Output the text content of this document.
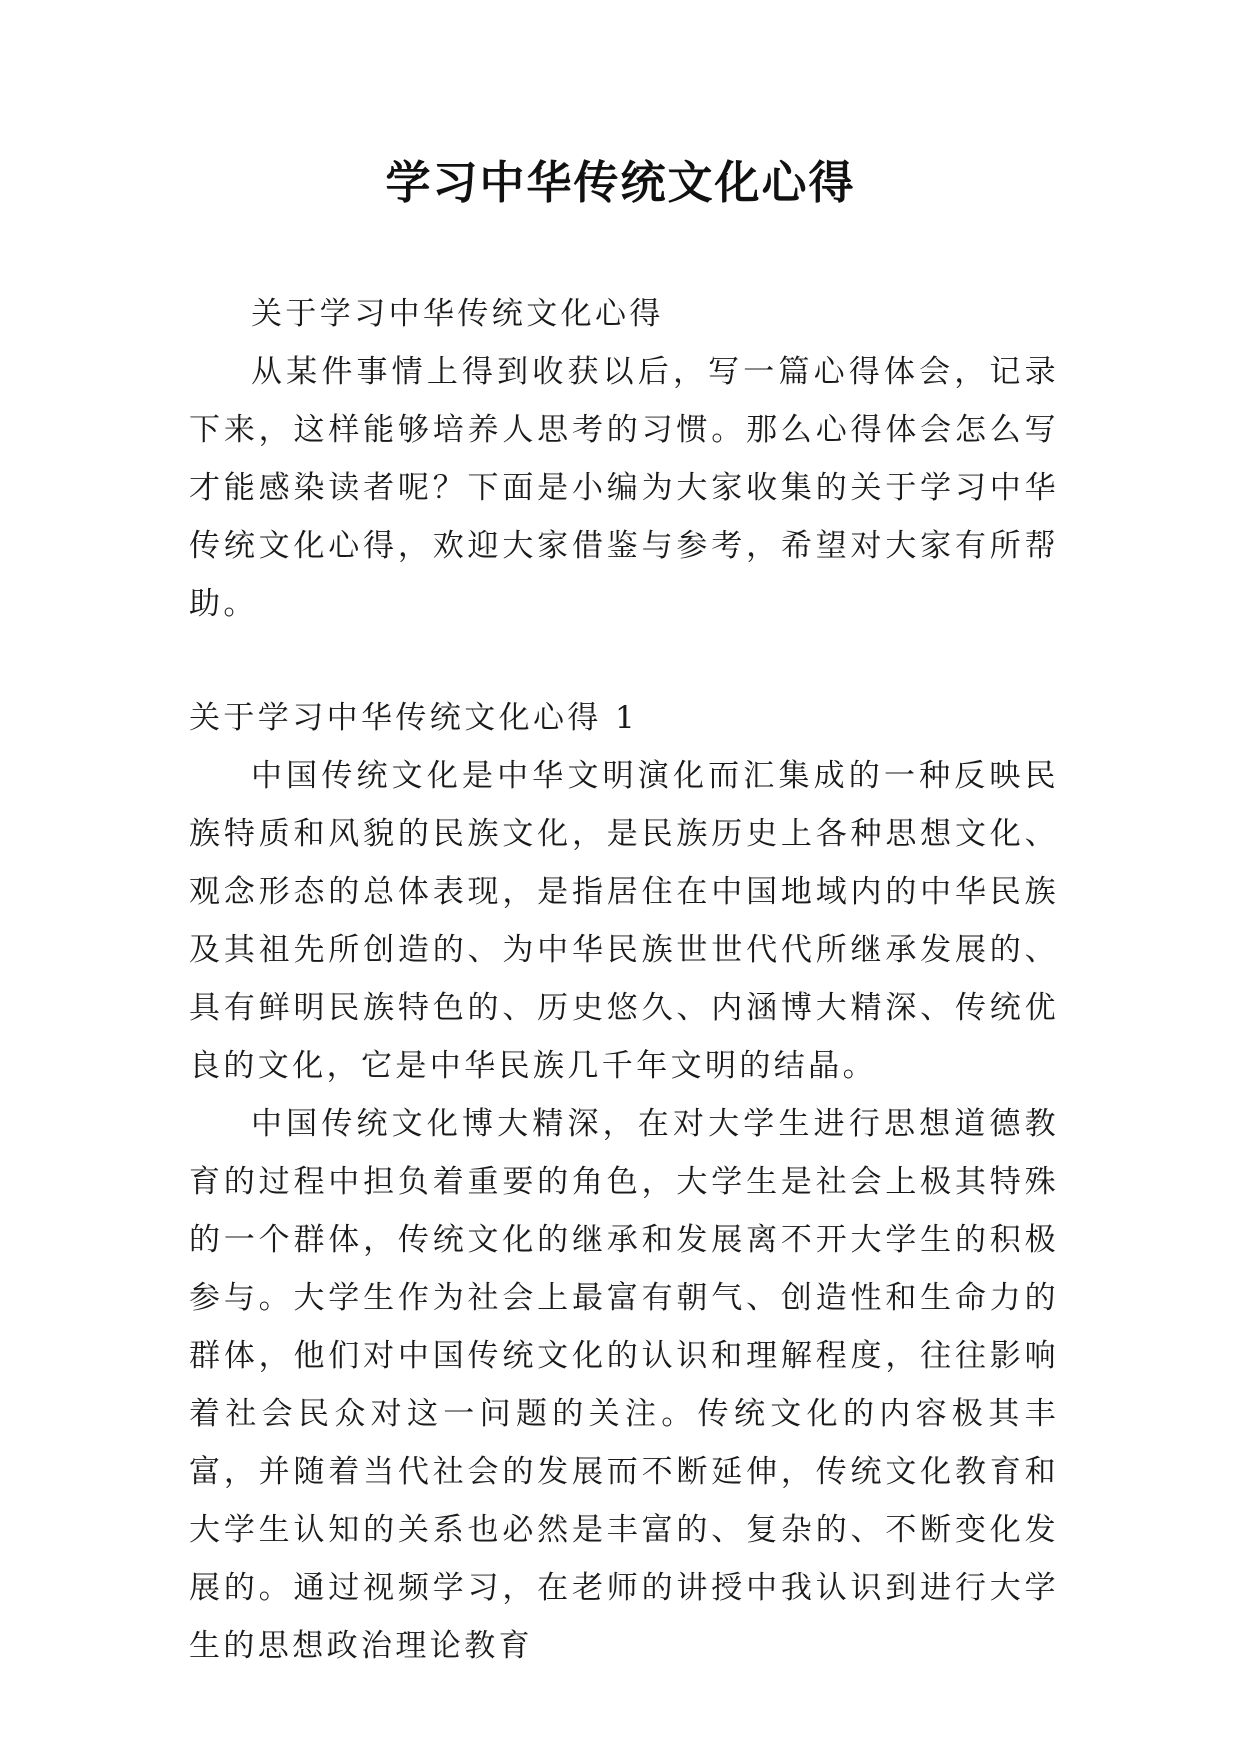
学习中华传统文化心得

关于学习中华传统文化心得

从某件事情上得到收获以后，写一篇心得体会，记录下来，这样能够培养人思考的习惯。那么心得体会怎么写才能感染读者呢？下面是小编为大家收集的关于学习中华传统文化心得，欢迎大家借鉴与参考，希望对大家有所帮助。

关于学习中华传统文化心得 1

中国传统文化是中华文明演化而汇集成的一种反映民族特质和风貌的民族文化，是民族历史上各种思想文化、观念形态的总体表现，是指居住在中国地域内的中华民族及其祖先所创造的、为中华民族世世代代所继承发展的、具有鲜明民族特色的、历史悠久、内涵博大精深、传统优良的文化，它是中华民族几千年文明的结晶。

中国传统文化博大精深，在对大学生进行思想道德教育的过程中担负着重要的角色，大学生是社会上极其特殊的一个群体，传统文化的继承和发展离不开大学生的积极参与。大学生作为社会上最富有朝气、创造性和生命力的群体，他们对中国传统文化的认识和理解程度，往往影响着社会民众对这一问题的关注。传统文化的内容极其丰富，并随着当代社会的发展而不断延伸，传统文化教育和大学生认知的关系也必然是丰富的、复杂的、不断变化发展的。通过视频学习，在老师的讲授中我认识到进行大学生的思想政治理论教育
